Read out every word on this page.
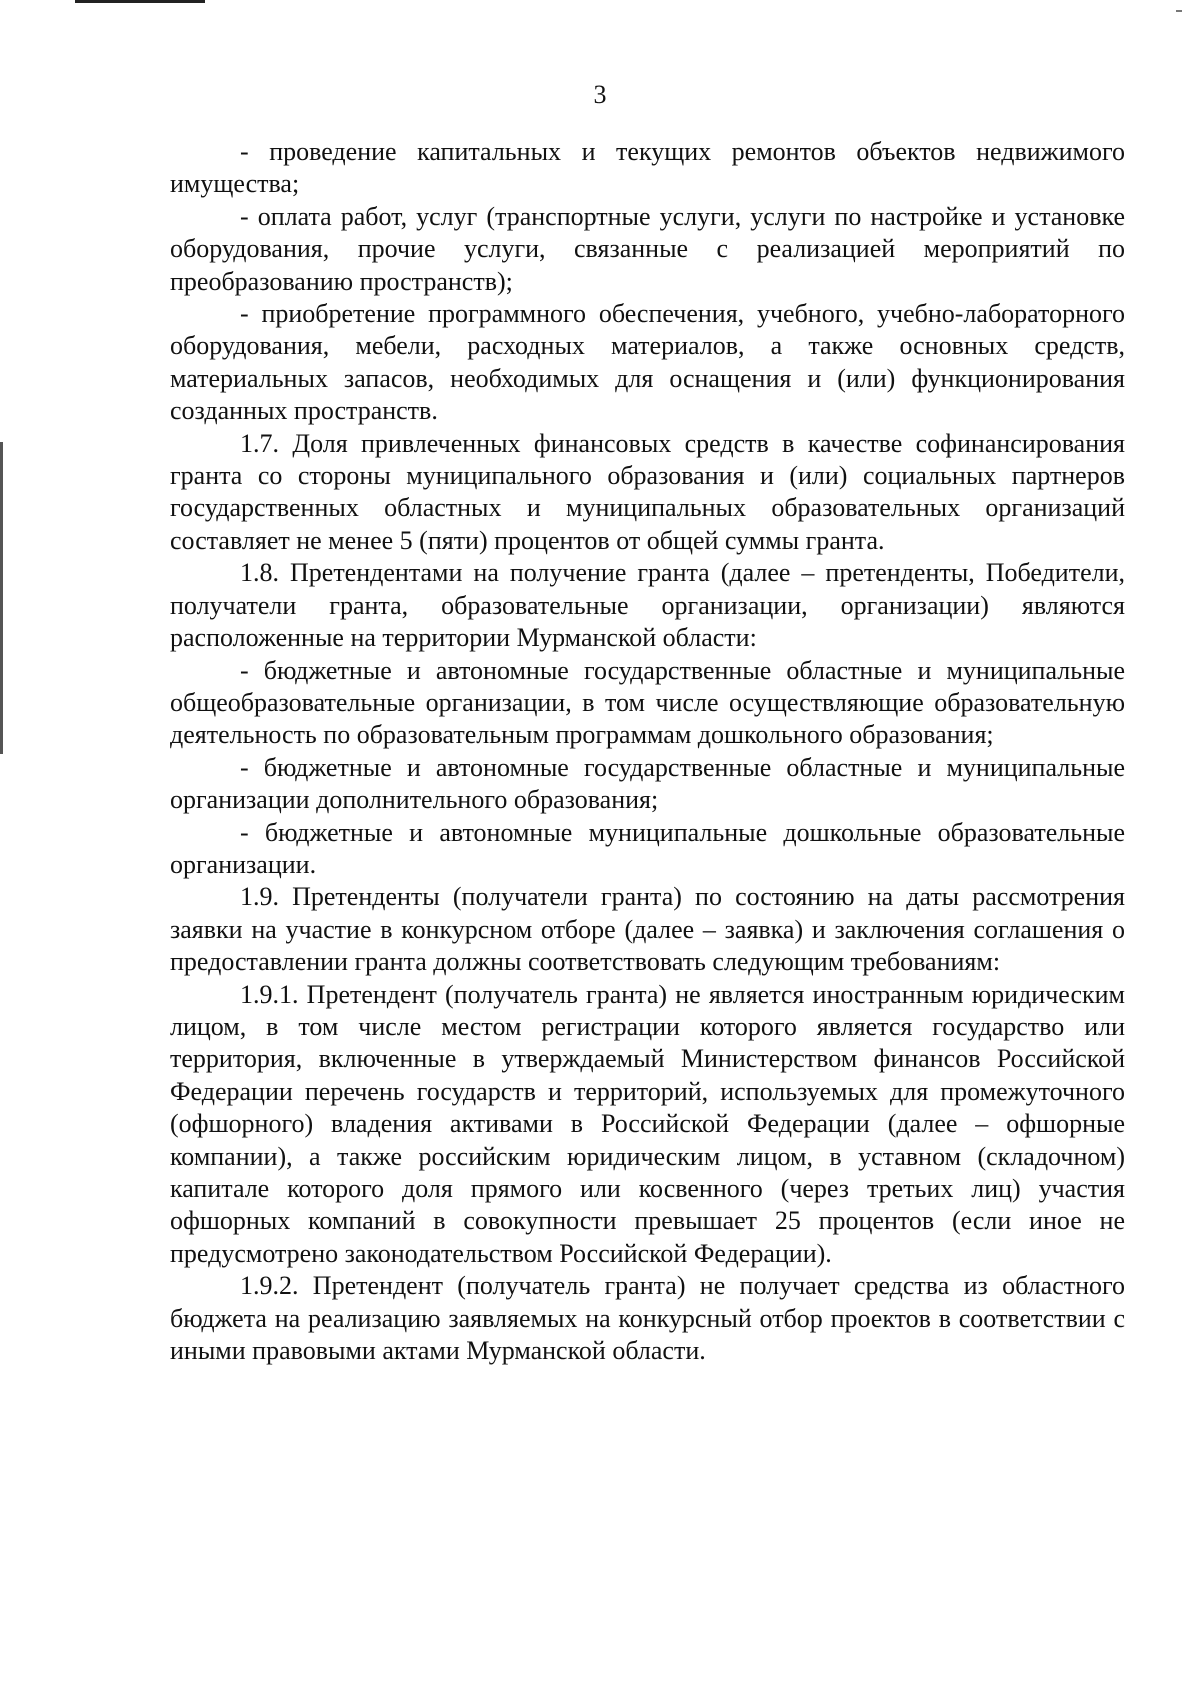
3

- проведение капитальных и текущих ремонтов объектов недвижимого имущества;

- оплата работ, услуг (транспортные услуги, услуги по настройке и установке оборудования, прочие услуги, связанные с реализацией мероприятий по преобразованию пространств);

- приобретение программного обеспечения, учебного, учебно-лабораторного оборудования, мебели, расходных материалов, а также основных средств, материальных запасов, необходимых для оснащения и (или) функционирования созданных пространств.

1.7. Доля привлеченных финансовых средств в качестве софинансирования гранта со стороны муниципального образования и (или) социальных партнеров государственных областных и муниципальных образовательных организаций составляет не менее 5 (пяти) процентов от общей суммы гранта.

1.8. Претендентами на получение гранта (далее – претенденты, Победители, получатели гранта, образовательные организации, организации) являются расположенные на территории Мурманской области:

- бюджетные и автономные государственные областные и муниципальные общеобразовательные организации, в том числе осуществляющие образовательную деятельность по образовательным программам дошкольного образования;

- бюджетные и автономные государственные областные и муниципальные организации дополнительного образования;

- бюджетные и автономные муниципальные дошкольные образовательные организации.

1.9. Претенденты (получатели гранта) по состоянию на даты рассмотрения заявки на участие в конкурсном отборе (далее – заявка) и заключения соглашения о предоставлении гранта должны соответствовать следующим требованиям:

1.9.1. Претендент (получатель гранта) не является иностранным юридическим лицом, в том числе местом регистрации которого является государство или территория, включенные в утверждаемый Министерством финансов Российской Федерации перечень государств и территорий, используемых для промежуточного (офшорного) владения активами в Российской Федерации (далее – офшорные компании), а также российским юридическим лицом, в уставном (складочном) капитале которого доля прямого или косвенного (через третьих лиц) участия офшорных компаний в совокупности превышает 25 процентов (если иное не предусмотрено законодательством Российской Федерации).

1.9.2. Претендент (получатель гранта) не получает средства из областного бюджета на реализацию заявляемых на конкурсный отбор проектов в соответствии с иными правовыми актами Мурманской области.
